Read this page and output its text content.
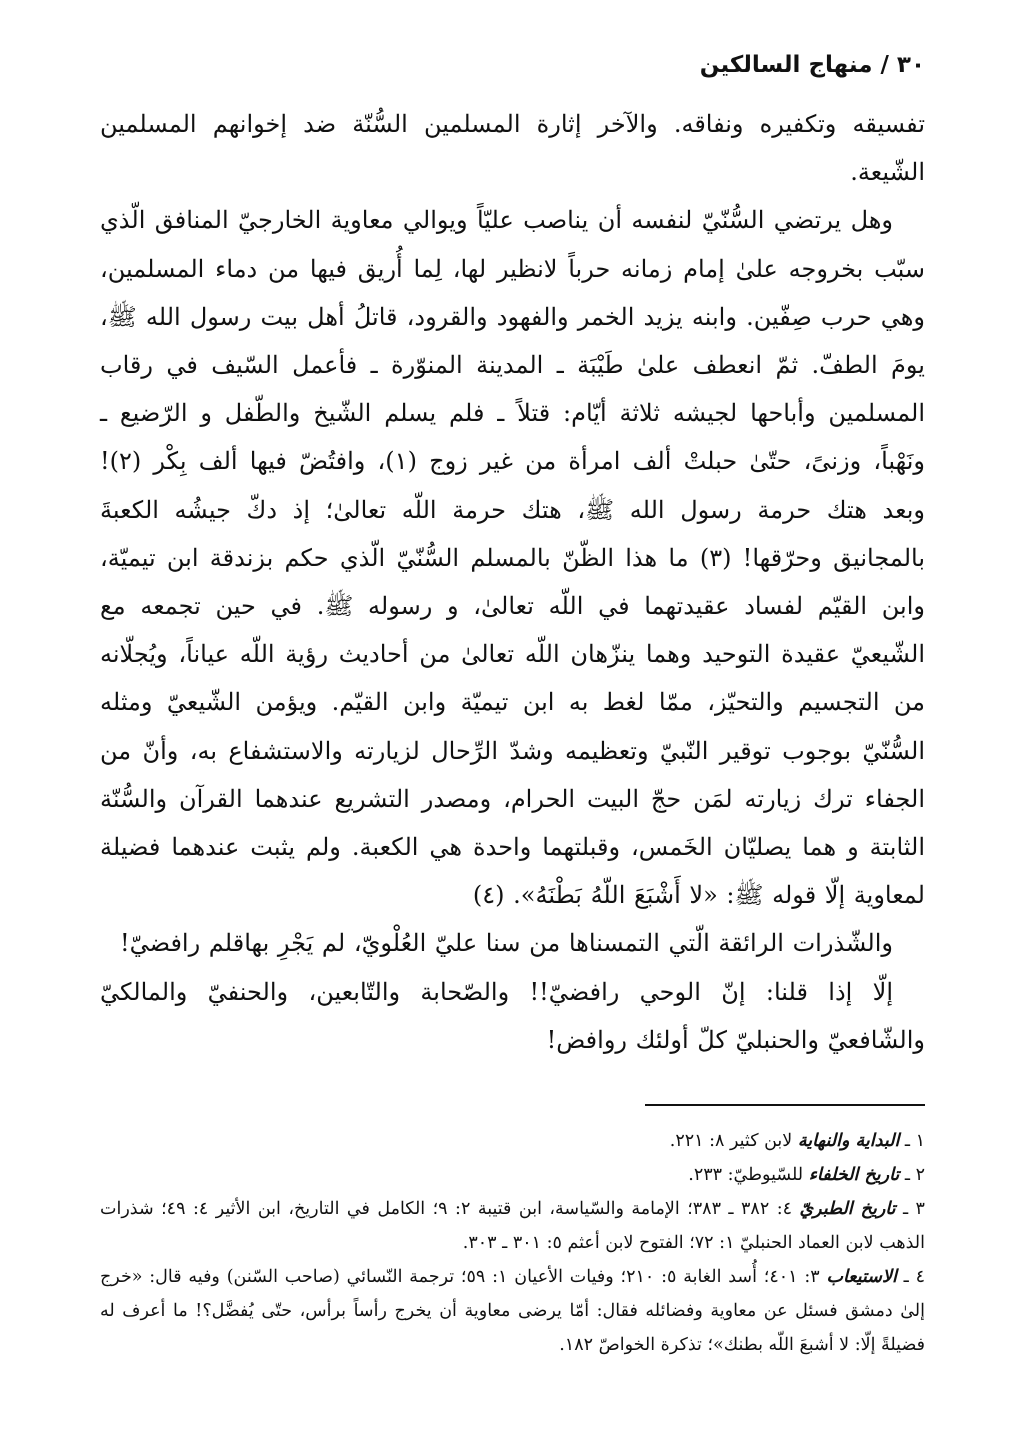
٣٠ / منهاج السالكين

تفسيقه وتكفيره ونفاقه. والآخر إثارة المسلمين السُّنّة ضد إخوانهم المسلمين الشّيعة.

وهل يرتضي السُّنّيّ لنفسه أن يناصب عليّاً ويوالي معاوية الخارجيّ المنافق الّذي سبّب بخروجه علىٰ إمام زمانه حرباً لانظير لها، لِما أُريق فيها من دماء المسلمين، وهي حرب صِفّين. وابنه يزيد الخمر والفهود والقرود، قاتلُ أهل بيت رسول الله ﷺ، يومَ الطفّ. ثمّ انعطف علىٰ طَيْبَة ـ المدينة المنوّرة ـ فأعمل السّيف في رقاب المسلمين وأباحها لجيشه ثلاثة أيّام: قتلاً ـ فلم يسلم الشّيخ والطّفل و الرّضيع ـ ونَهْباً، وزنىً، حتّىٰ حبلتْ ألف امرأة من غير زوج (١)، وافتُضّ فيها ألف بِكْر (٢)! وبعد هتك حرمة رسول الله ﷺ، هتك حرمة اللّه تعالىٰ؛ إذ دكّ جيشُه الكعبةَ بالمجانيق وحرّقها! (٣) ما هذا الظّنّ بالمسلم السُّنّيّ الّذي حكم بزندقة ابن تيميّة، وابن القيّم لفساد عقيدتهما في اللّه تعالىٰ، و رسوله ﷺ. في حين تجمعه مع الشّيعيّ عقيدة التوحيد وهما ينزّهان اللّه تعالىٰ من أحاديث رؤية اللّه عياناً، ويُجلّانه من التجسيم والتحيّز، ممّا لغط به ابن تيميّة وابن القيّم. ويؤمن الشّيعيّ ومثله السُّنّيّ بوجوب توقير النّبيّ وتعظيمه وشدّ الرِّحال لزيارته والاستشفاع به، وأنّ من الجفاء ترك زيارته لمَن حجّ البيت الحرام، ومصدر التشريع عندهما القرآن والسُّنّة الثابتة و هما يصليّان الخَمس، وقبلتهما واحدة هي الكعبة. ولم يثبت عندهما فضيلة لمعاوية إلّا قوله ﷺ: «لا أَشْبَعَ اللّهُ بَطْنَهُ». (٤)

والشّذرات الرائقة الّتي التمسناها من سنا عليّ العُلْويّ، لم يَجْرِ بهاقلم رافضيّ!

إلّا إذا قلنا: إنّ الوحي رافضيّ!! والصّحابة والتّابعين، والحنفيّ والمالكيّ والشّافعيّ والحنبليّ كلّ أولئك روافض!

١ ـ البداية والنهاية لابن كثير ٨: ٢٢١.

٢ ـ تاريخ الخلفاء للسّيوطيّ: ٢٣٣.

٣ ـ تاريخ الطبريّ ٤: ٣٨٢ ـ ٣٨٣؛ الإمامة والسّياسة، ابن قتيبة ٢: ٩؛ الكامل في التاريخ، ابن الأثير ٤: ٤٩؛ شذرات الذهب لابن العماد الحنبليّ ١: ٧٢؛ الفتوح لابن أعثم ٥: ٣٠١ ـ ٣٠٣.

٤ ـ الاستيعاب ٣: ٤٠١؛ أُسد الغابة ٥: ٢١٠؛ وفيات الأعيان ١: ٥٩؛ ترجمة النّسائي (صاحب السّنن) وفيه قال: «خرج إلىٰ دمشق فسئل عن معاوية وفضائله فقال: أمّا يرضى معاوية أن يخرج رأساً برأس، حتّى يُفضَّل؟! ما أعرف له فضيلةً إلّا: لا أشبعَ اللّه بطنك»؛ تذكرة الخواصّ ١٨٢.
